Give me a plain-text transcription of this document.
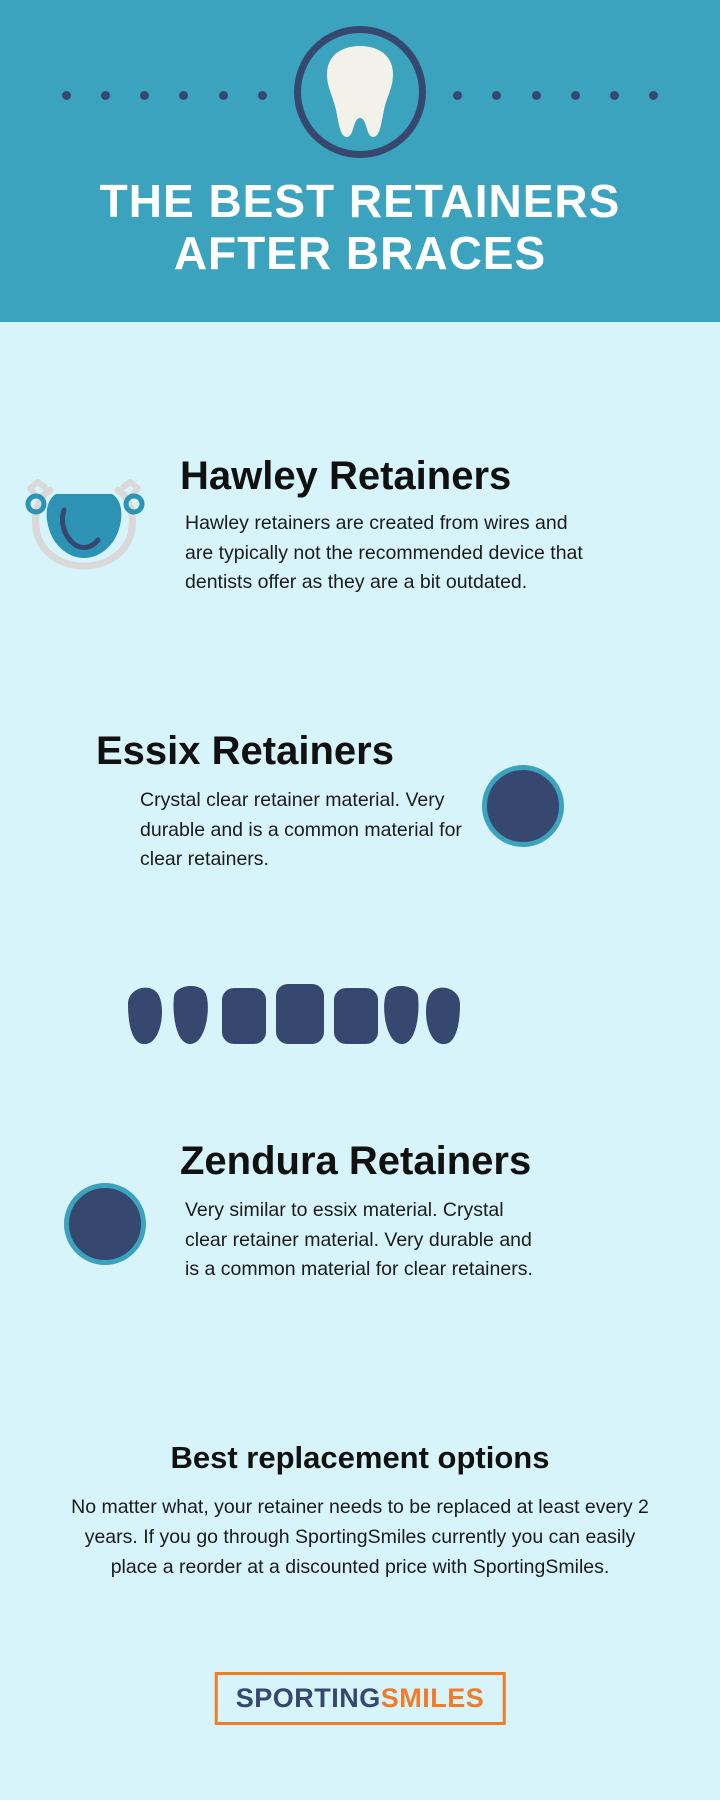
THE BEST RETAINERS
AFTER BRACES
Hawley Retainers
Hawley retainers are created from wires and are typically not the recommended device that dentists offer as they are a bit outdated.
Essix Retainers
Crystal clear retainer material. Very durable and is a common material for clear retainers.
Zendura Retainers
Very similar to essix material. Crystal clear retainer material. Very durable and is a common material for clear retainers.
Best replacement options
No matter what, your retainer needs to be replaced at least every 2 years. If you go through SportingSmiles currently you can easily place a reorder at a discounted price with SportingSmiles.
SPORTING SMILES
